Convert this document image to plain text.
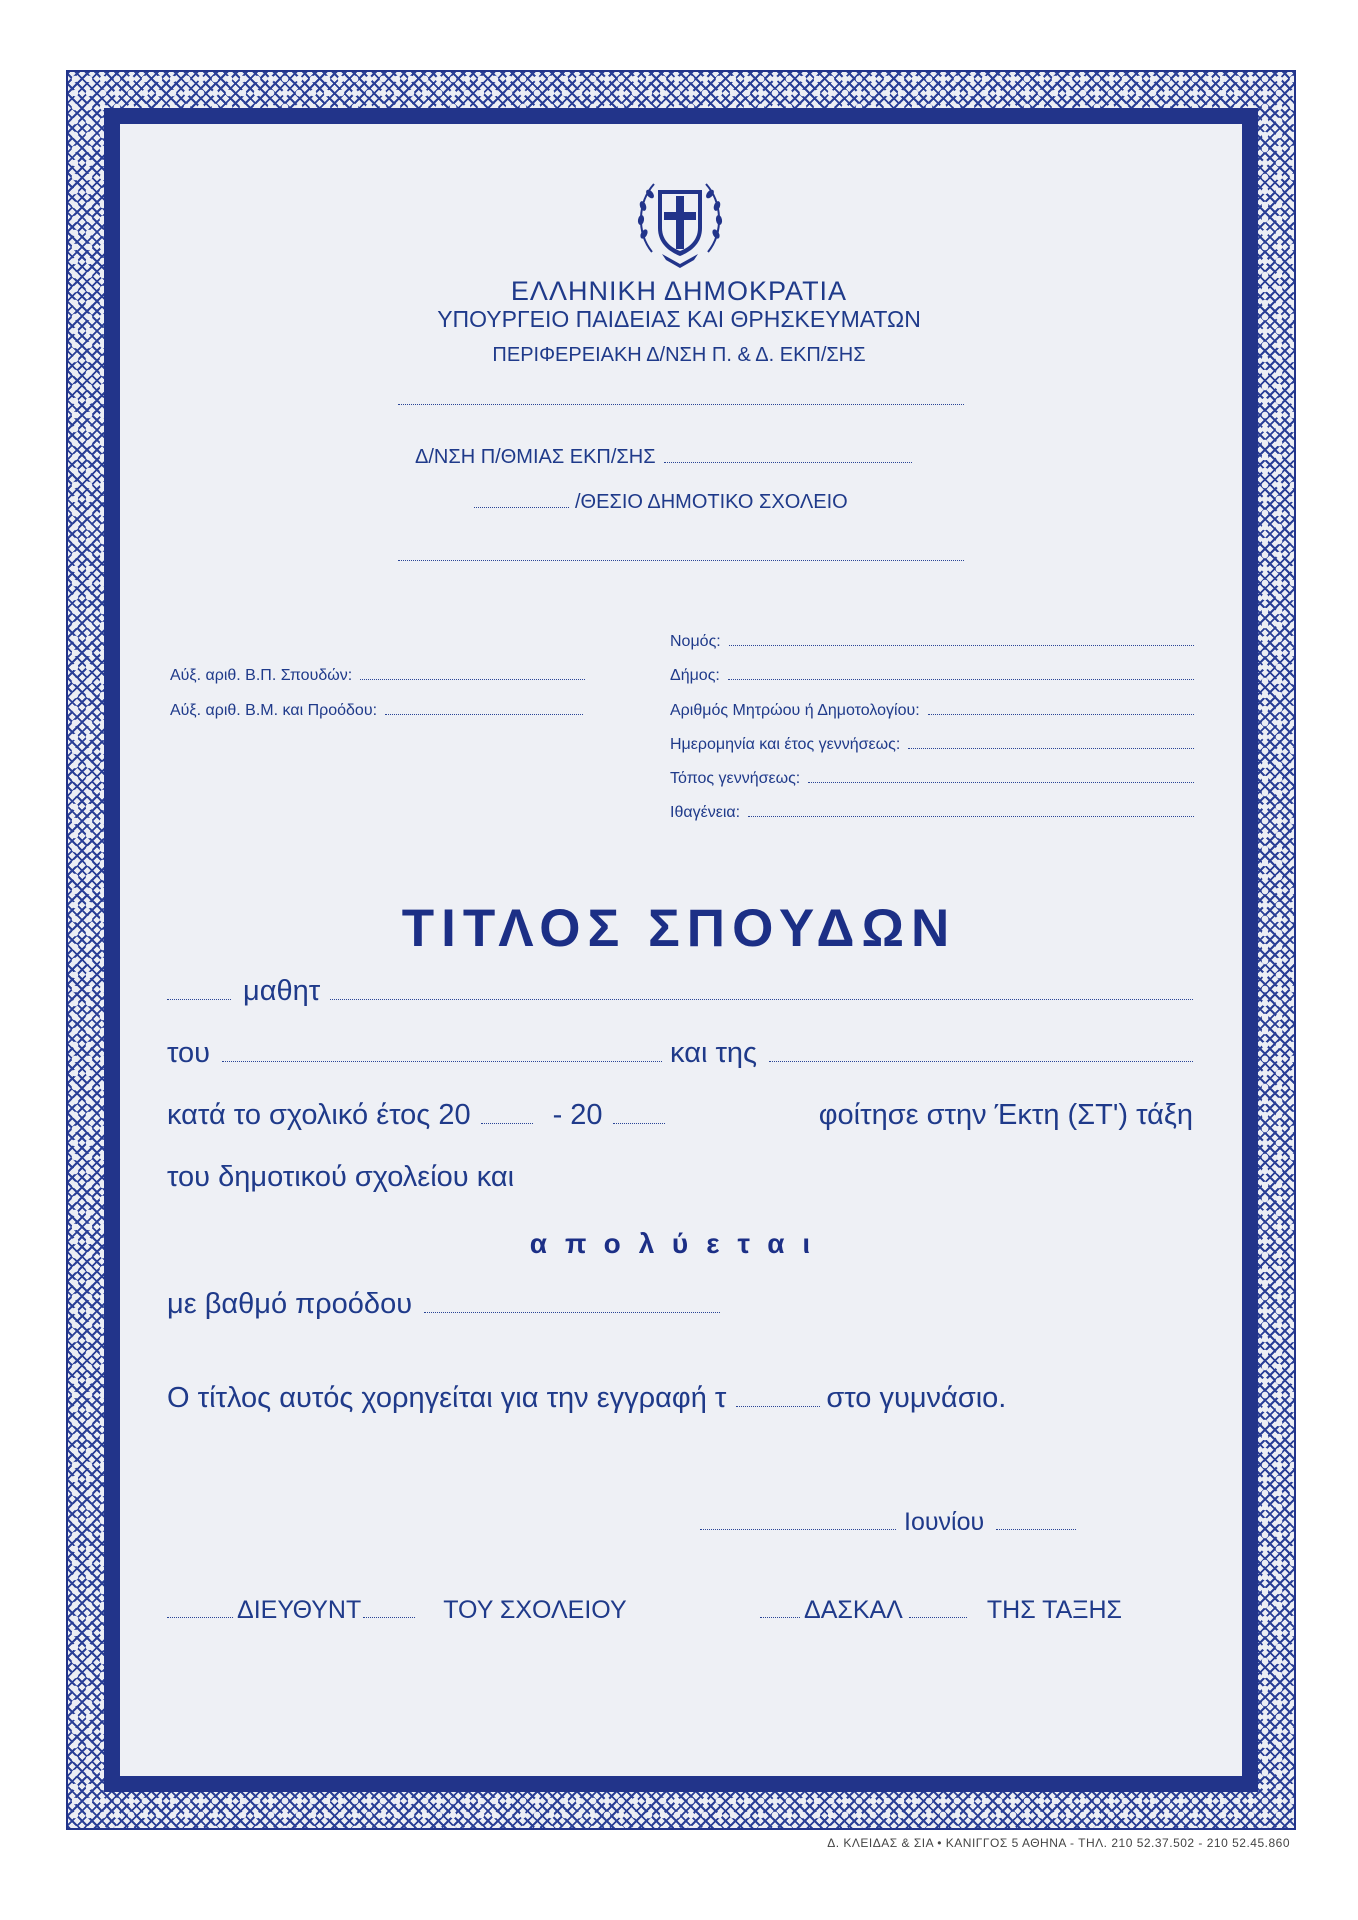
ΕΛΛΗΝΙΚΗ ΔΗΜΟΚΡΑΤΙΑ
ΥΠΟΥΡΓΕΙΟ ΠΑΙΔΕΙΑΣ ΚΑΙ ΘΡΗΣΚΕΥΜΑΤΩΝ
ΠΕΡΙΦΕΡΕΙΑΚΗ Δ/ΝΣΗ Π. & Δ. ΕΚΠ/ΣΗΣ
Δ/ΝΣΗ Π/ΘΜΙΑΣ ΕΚΠ/ΣΗΣ
/ΘΕΣΙΟ ΔΗΜΟΤΙΚΟ ΣΧΟΛΕΙΟ
Αύξ. αριθ. Β.Π. Σπουδών:
Αύξ. αριθ. Β.Μ. και Προόδου:
Νομός:
Δήμος:
Αριθμός Μητρώου ή Δημοτολογίου:
Ημερομηνία και έτος γεννήσεως:
Τόπος γεννήσεως:
Ιθαγένεια:
ΤΙΤΛΟΣ ΣΠΟΥΔΩΝ
μαθητ
του	και της
κατά το σχολικό έτος 20	- 20	φοίτησε στην Έκτη (ΣΤ') τάξη
του δημοτικού σχολείου και
απολύεται
με βαθμό προόδου
Ο τίτλος αυτός χορηγείται για την εγγραφή τ	στο γυμνάσιο.
Ιουνίου
ΔΙΕΥΘΥΝΤ	ΤΟΥ ΣΧΟΛΕΙΟΥ	ΔΑΣΚΑΛ	ΤΗΣ ΤΑΞΗΣ
Δ. ΚΛΕΙΔΑΣ & ΣΙΑ • ΚΑΝΙΓΓΟΣ 5 ΑΘΗΝΑ - ΤΗΛ. 210 52.37.502 - 210 52.45.860
